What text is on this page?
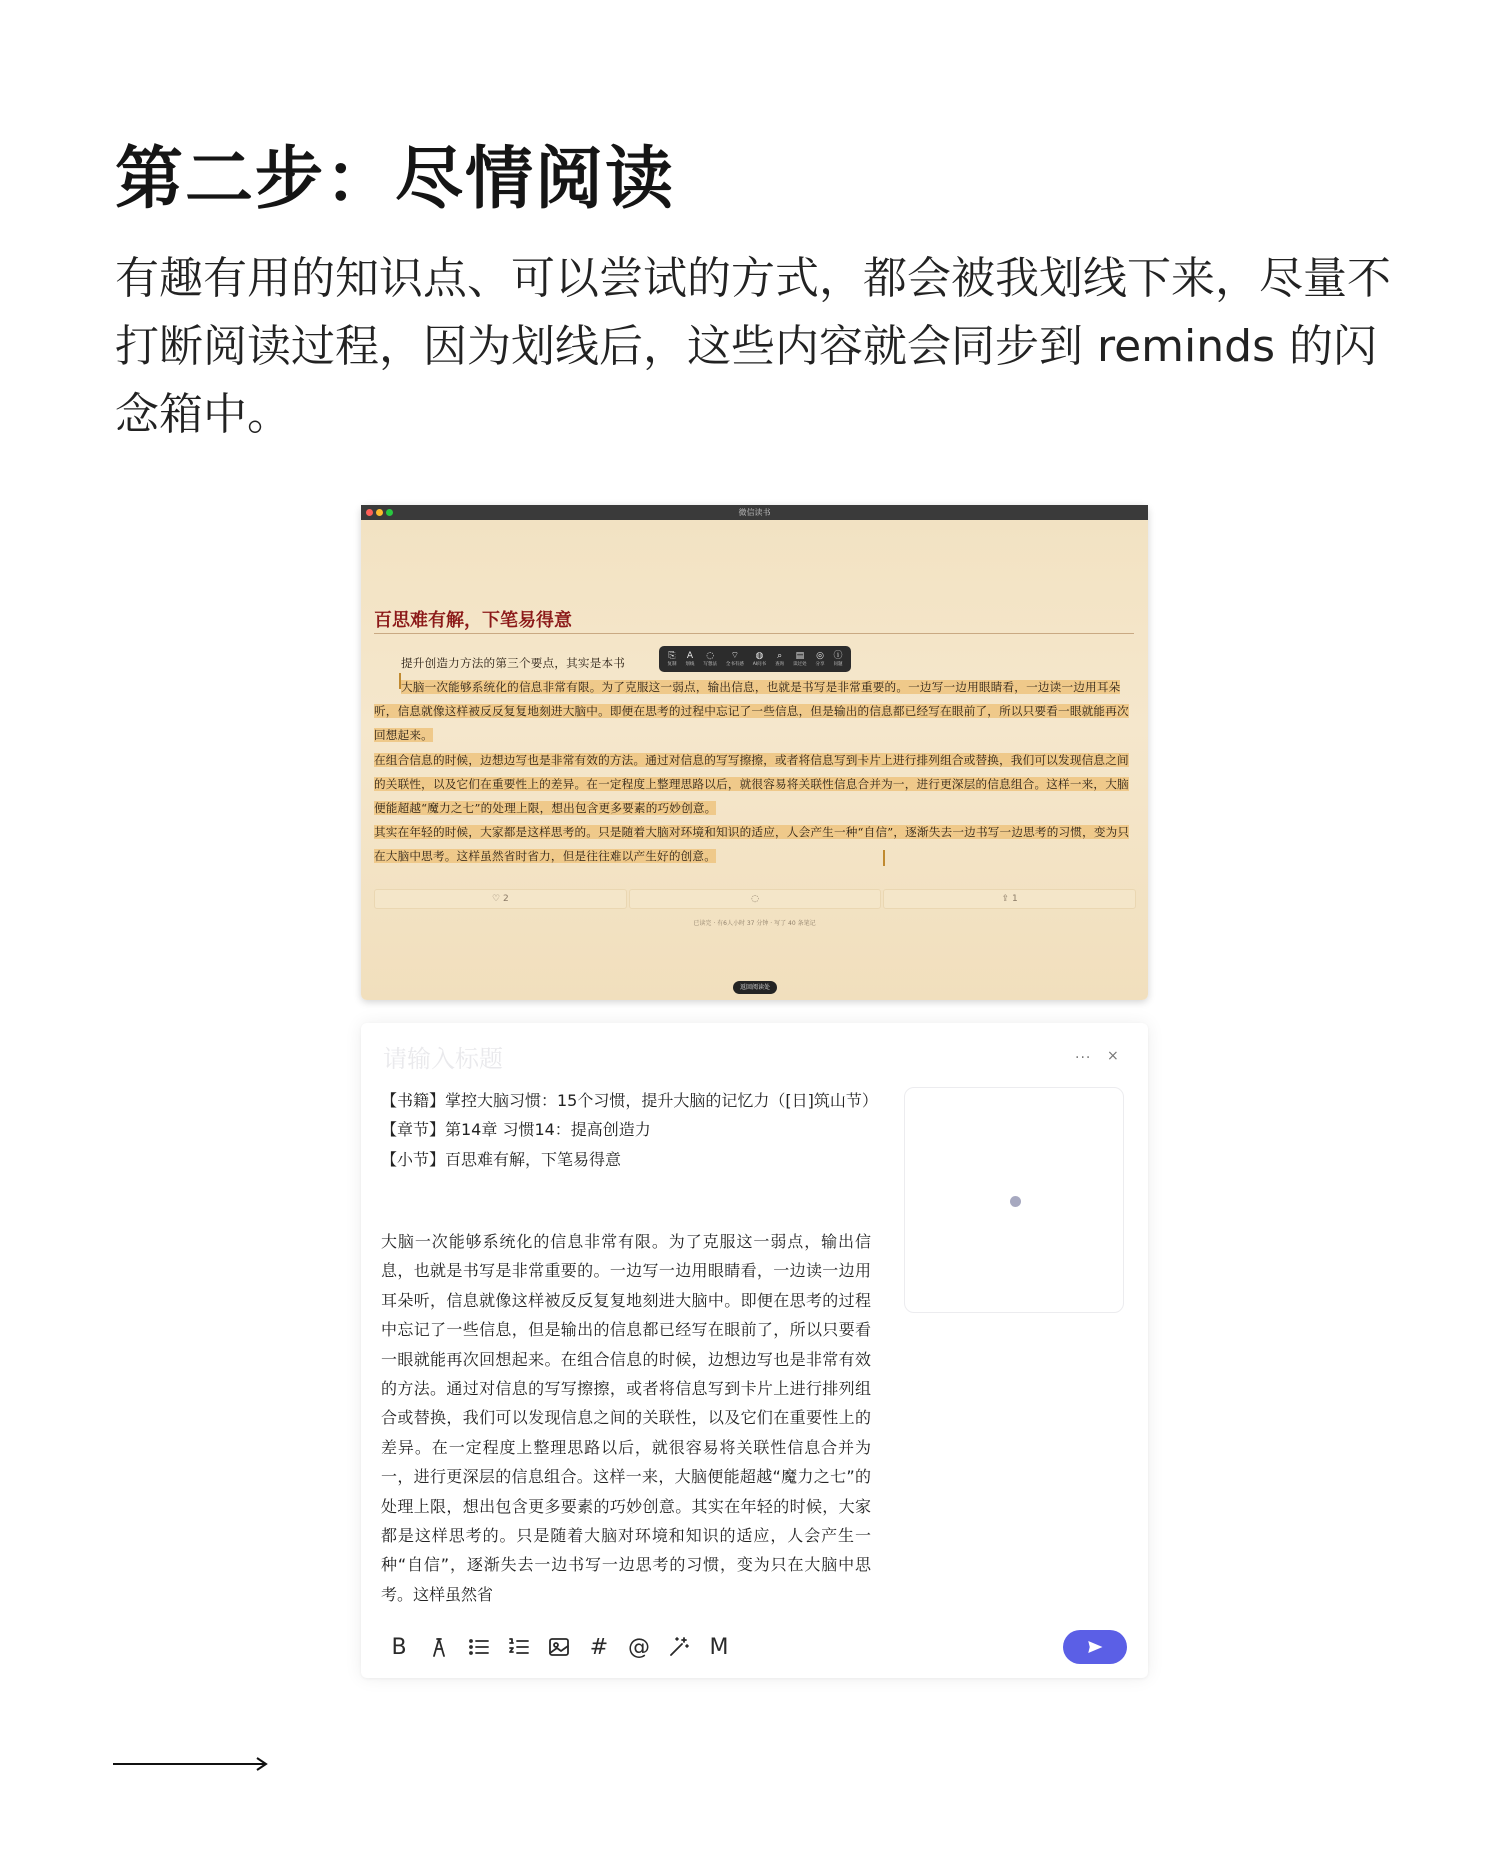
第二步：尽情阅读

有趣有用的知识点、可以尝试的方式，都会被我划线下来，尽量不打断阅读过程，因为划线后，这些内容就会同步到 reminds 的闪念箱中。

微信读书
百思难有解，下笔易得意

提升创造力方法的第三个要点，其实是本书

大脑一次能够系统化的信息非常有限。为了克服这一弱点，输出信息，也就是书写是非常重要的。一边写一边用眼睛看，一边读一边用耳朵听，信息就像这样被反反复复地刻进大脑中。即便在思考的过程中忘记了一些信息，但是输出的信息都已经写在眼前了，所以只要看一眼就能再次回想起来。
在组合信息的时候，边想边写也是非常有效的方法。通过对信息的写写擦擦，或者将信息写到卡片上进行排列组合或替换，我们可以发现信息之间的关联性，以及它们在重要性上的差异。在一定程度上整理思路以后，就很容易将关联性信息合并为一，进行更深层的信息组合。这样一来，大脑便能超越“魔力之七”的处理上限，想出包含更多要素的巧妙创意。
其实在年轻的时候，大家都是这样思考的。只是随着大脑对环境和知识的适应，人会产生一种“自信”，逐渐失去一边书写一边思考的习惯，变为只在大脑中思考。这样虽然省时省力，但是往往难以产生好的创意。
⎘
复制
A
划线
◌
写想法
⌔
全书有感
◍
AI问书
⌕
查询
▤
读过处
◎
分享
ⓘ
问题
♡
2	◌	⇪
1
已读完 · 有6人小时 37 分钟 · 写了 40 条笔记
返回阅读处
请输入标题
··· ×

【书籍】掌控大脑习惯：15个习惯，提升大脑的记忆力（[日]筑山节）

【章节】第14章 习惯14：提高创造力

【小节】百思难有解，下笔易得意

大脑一次能够系统化的信息非常有限。为了克服这一弱点，输出信息，也就是书写是非常重要的。一边写一边用眼睛看，一边读一边用耳朵听，信息就像这样被反反复复地刻进大脑中。即便在思考的过程中忘记了一些信息，但是输出的信息都已经写在眼前了，所以只要看一眼就能再次回想起来。在组合信息的时候，边想边写也是非常有效的方法。通过对信息的写写擦擦，或者将信息写到卡片上进行排列组合或替换，我们可以发现信息之间的关联性，以及它们在重要性上的差异。在一定程度上整理思路以后，就很容易将关联性信息合并为一，进行更深层的信息组合。这样一来，大脑便能超越“魔力之七”的处理上限，想出包含更多要素的巧妙创意。其实在年轻的时候，大家都是这样思考的。只是随着大脑对环境和知识的适应，人会产生一种“自信”，逐渐失去一边书写一边思考的习惯，变为只在大脑中思考。这样虽然省
B	# @	M
